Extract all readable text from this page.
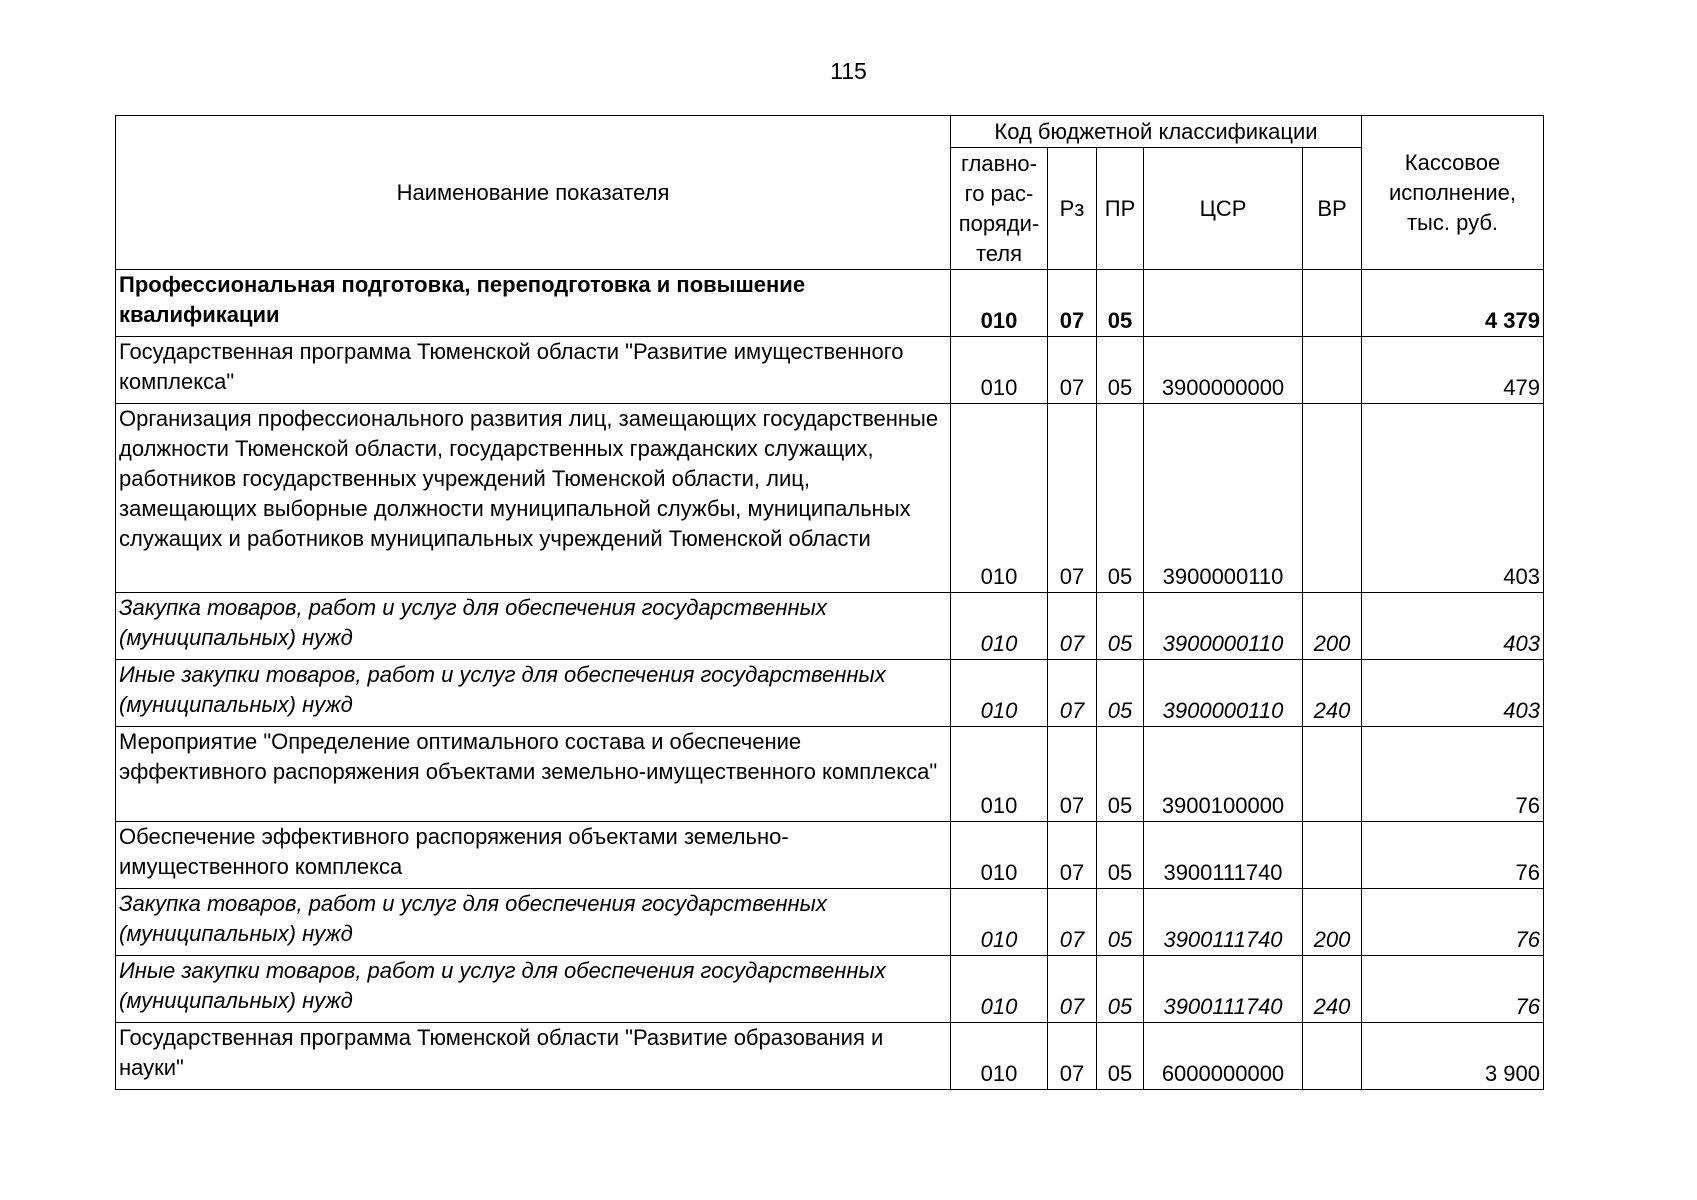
115
Наименование показателя	Код бюджетной классификации					Кассовое исполнение, тыс. руб.
	главно- го рас- поряди- теля	Рз	ПР	ЦСР	ВР	
Профессиональная подготовка, переподготовка и повышение квалификации	010	07	05			4 379
Государственная программа Тюменской области "Развитие имущественного комплекса"	010	07	05	3900000000		479
Организация профессионального развития лиц, замещающих государственные должности Тюменской области, государственных гражданских служащих, работников государственных учреждений Тюменской области, лиц, замещающих выборные должности муниципальной службы, муниципальных служащих и работников муниципальных учреждений Тюменской области	010	07	05	3900000110		403
Закупка товаров, работ и услуг для обеспечения государственных (муниципальных) нужд	010	07	05	3900000110	200	403
Иные закупки товаров, работ и услуг для обеспечения государственных (муниципальных) нужд	010	07	05	3900000110	240	403
Мероприятие "Определение оптимального состава и обеспечение эффективного распоряжения объектами земельно-имущественного комплекса"	010	07	05	3900100000		76
Обеспечение эффективного распоряжения объектами земельно- имущественного комплекса	010	07	05	3900111740		76
Закупка товаров, работ и услуг для обеспечения государственных (муниципальных) нужд	010	07	05	3900111740	200	76
Иные закупки товаров, работ и услуг для обеспечения государственных (муниципальных) нужд	010	07	05	3900111740	240	76
Государственная программа Тюменской области "Развитие образования и науки"	010	07	05	6000000000		3 900
